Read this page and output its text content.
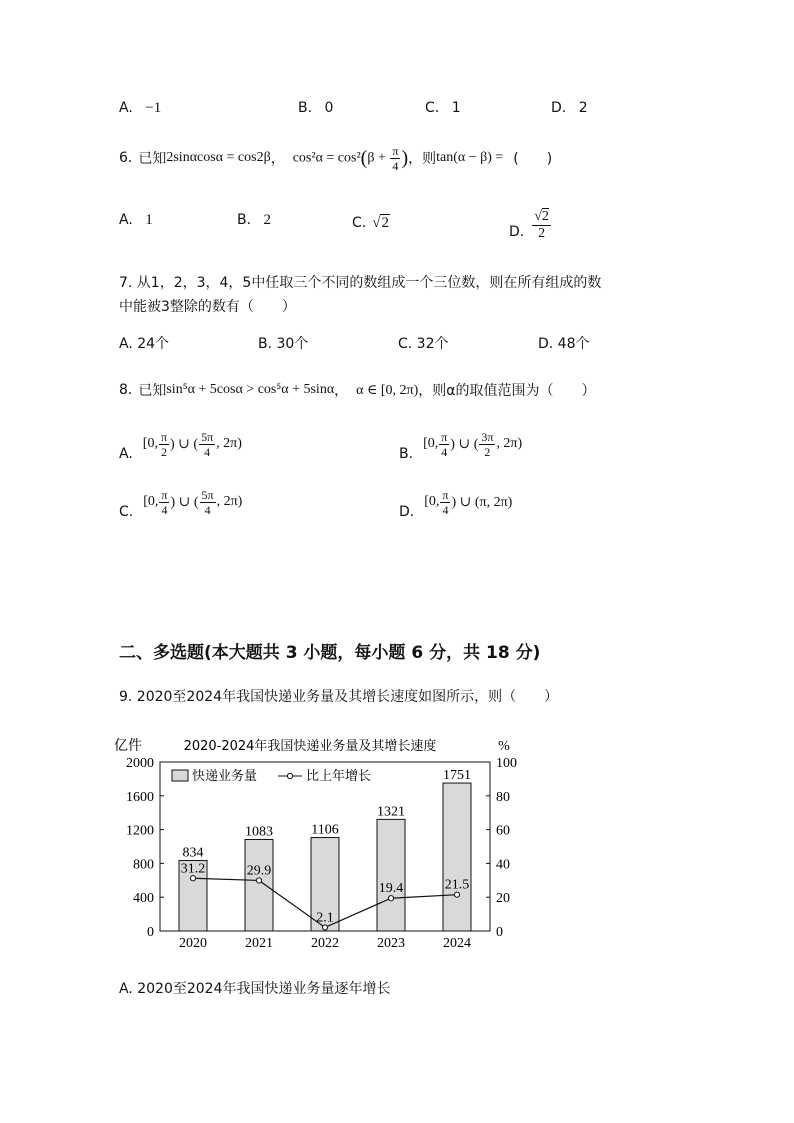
A. −1	B. 0	C. 1	D. 2
6. 已知 2sinαcosα = cos2β ， $\cos^2\alpha = \cos^2(\beta + \frac{\pi}{4}$ ) ，则 tan(α − β) = (　　)
A. 1	B. 2	C. √2
D. $\frac{√2}{2}$
7. 从1，2，3，4，5中任取三个不同的数组成一个三位数，则在所有组成的数
中能被3整除的数有（　　）
A. 24个	B. 30个	C. 32个	D. 48个
8. 已知 sin⁵α + 5cosα > cos⁵α + 5sinα ， α ∈ [0, 2π) ，则α的取值范围为（　　）
A.
[0, $\frac{\pi}{2}$ ) ∪ ( $\frac{5\pi}{4}$ , 2π)
B.
[0, $\frac{\pi}{4}$ ) ∪ ( $\frac{3\pi}{2}$ , 2π)
C.
[0, $\frac{\pi}{4}$ ) ∪ ( $\frac{5\pi}{4}$ , 2π)
D.
[0, $\frac{\pi}{4}$ ) ∪ (π, 2π)
二、多选题(本大题共 3 小题，每小题 6 分，共 18 分)
9. 2020至2024年我国快递业务量及其增长速度如图所示，则（　　）
2020-2024年我国快递业务量及其增长速度
亿件	%
0
400
800
1200
1600
2000
0
20
40
60
80
100
834
1083	1106
1321
1751
31.2	29.9
2.1
19.4	21.5
2020	2021	2022	2023	2024
快递业务量	比上年增长
A. 2020至2024年我国快递业务量逐年增长
